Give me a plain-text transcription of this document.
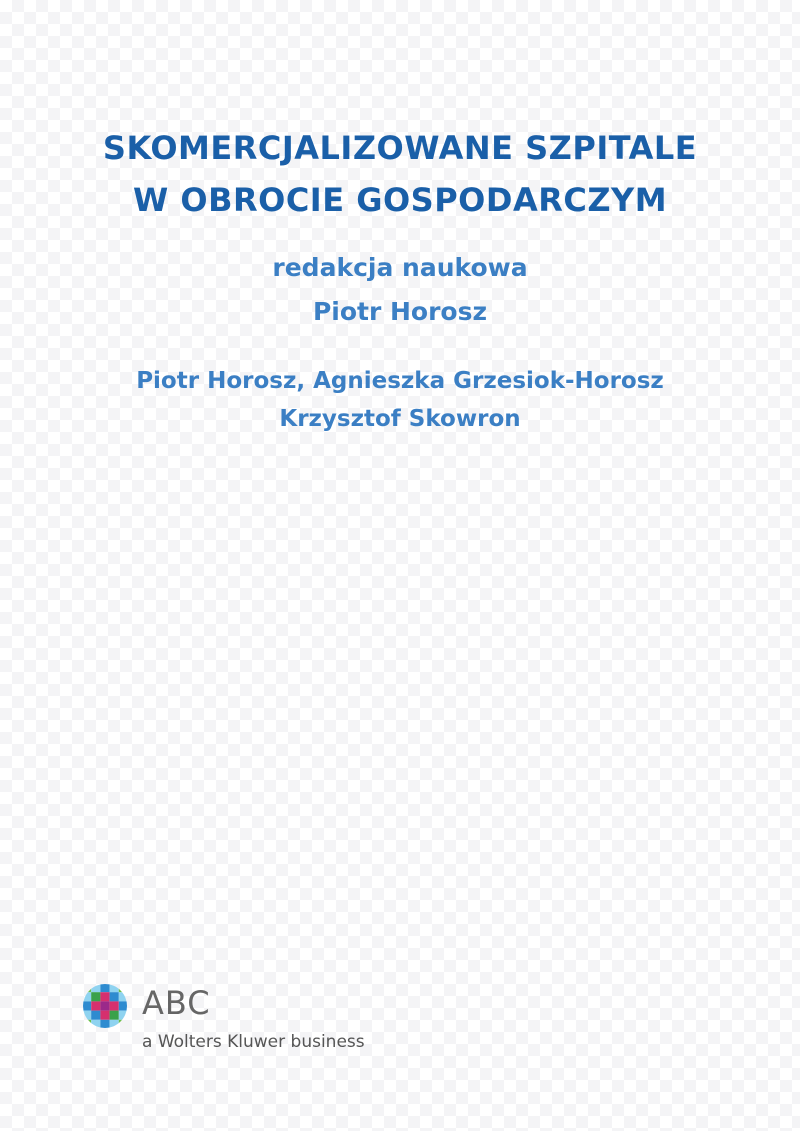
SKOMERCJALIZOWANE SZPITALE
W OBROCIE GOSPODARCZYM
redakcja naukowa
Piotr Horosz
Piotr Horosz, Agnieszka Grzesiok-Horosz
Krzysztof Skowron
ABC
a Wolters Kluwer business
